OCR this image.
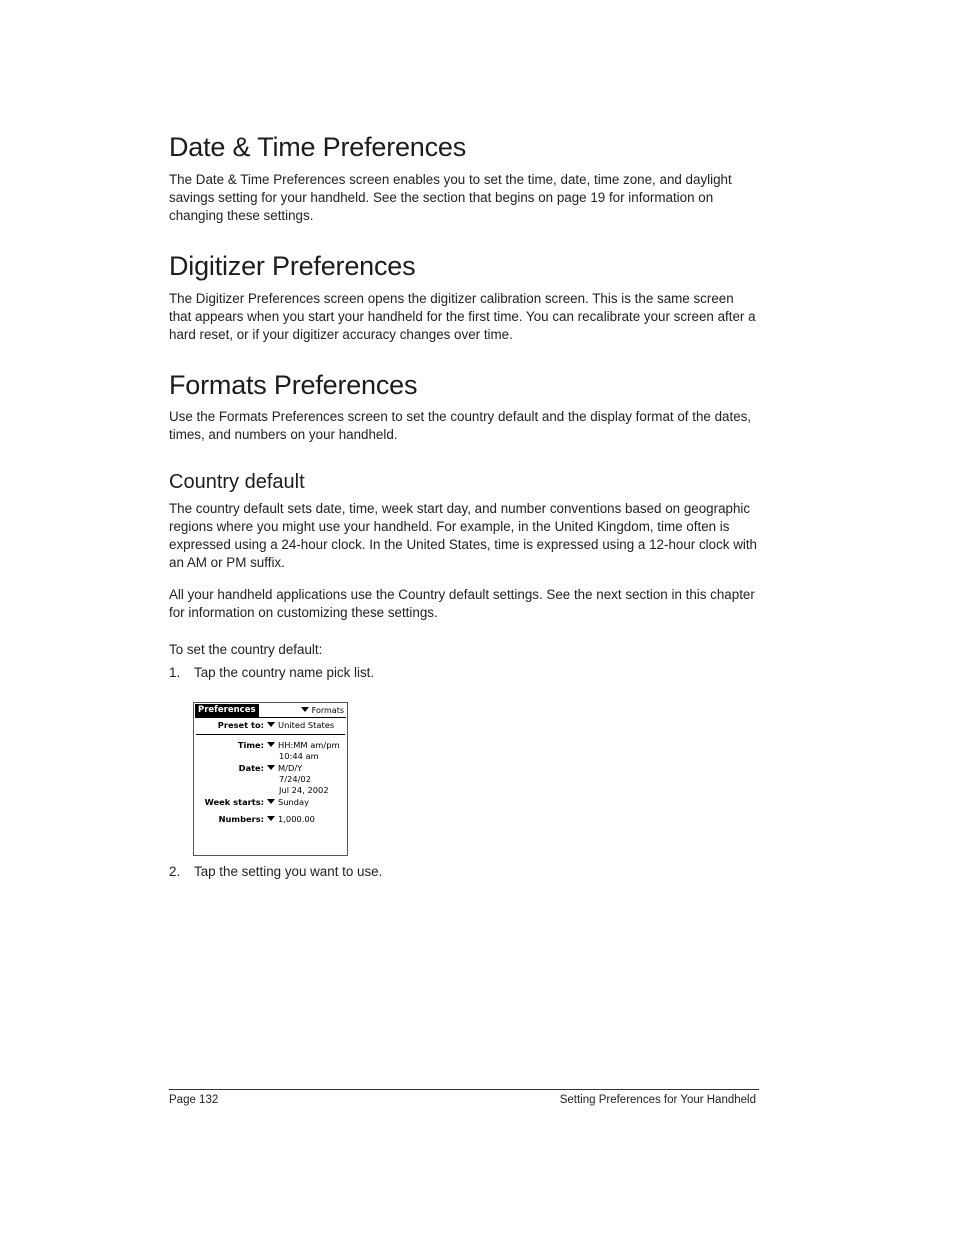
Date & Time Preferences

The Date & Time Preferences screen enables you to set the time, date, time zone, and daylight savings setting for your handheld. See the section that begins on page 19 for information on changing these settings.

Digitizer Preferences

The Digitizer Preferences screen opens the digitizer calibration screen. This is the same screen that appears when you start your handheld for the first time. You can recalibrate your screen after a hard reset, or if your digitizer accuracy changes over time.

Formats Preferences

Use the Formats Preferences screen to set the country default and the display format of the dates, times, and numbers on your handheld.

Country default

The country default sets date, time, week start day, and number conventions based on geographic regions where you might use your handheld. For example, in the United Kingdom, time often is expressed using a 24-hour clock. In the United States, time is expressed using a 12-hour clock with an AM or PM suffix.

All your handheld applications use the Country default settings. See the next section in this chapter for information on customizing these settings.

To set the country default:
1. Tap the country name pick list.
Preferences	Formats
Preset to:	United States
Time:	HH:MM am/pm
10:44 am
Date:	M/D/Y
7/24/02
Jul 24, 2002
Week starts:	Sunday
Numbers:	1,000.00
2. Tap the setting you want to use.
Page 132	Setting Preferences for Your Handheld
